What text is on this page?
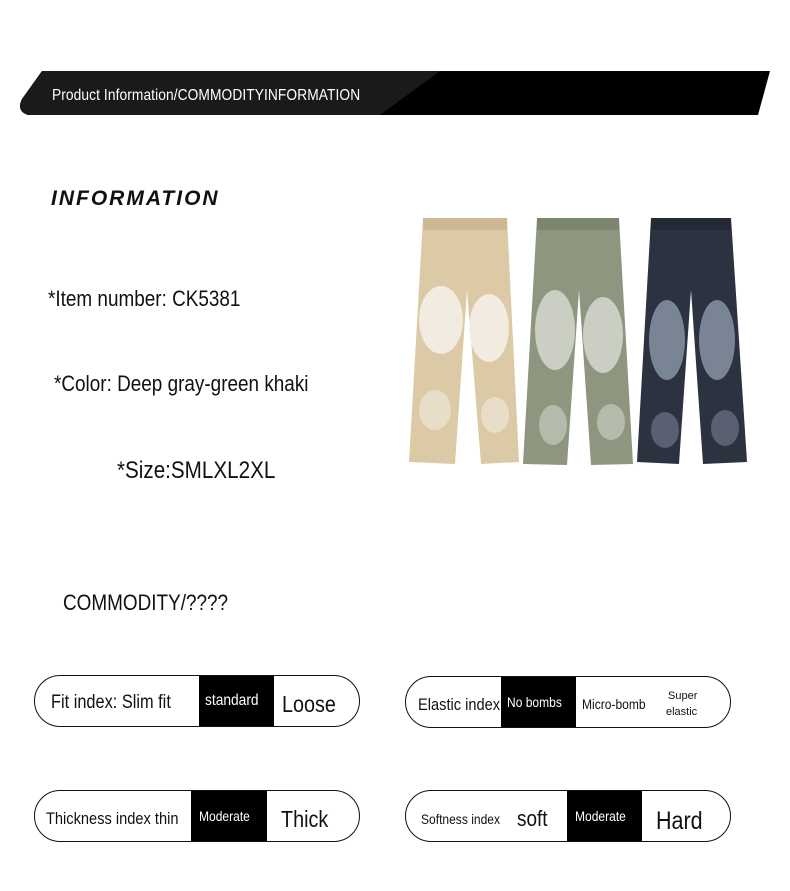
Product Information/COMMODITYINFORMATION
INFORMATION
*Item number: CK5381
*Color: Deep gray-green khaki
*Size:SMLXL2XL
COMMODITY/????
Fit index: Slim fit standard Loose	Elastic index No bombs Micro-bomb Super
elastic
Thickness index thin Moderate Thick	Softness index soft Moderate Hard
